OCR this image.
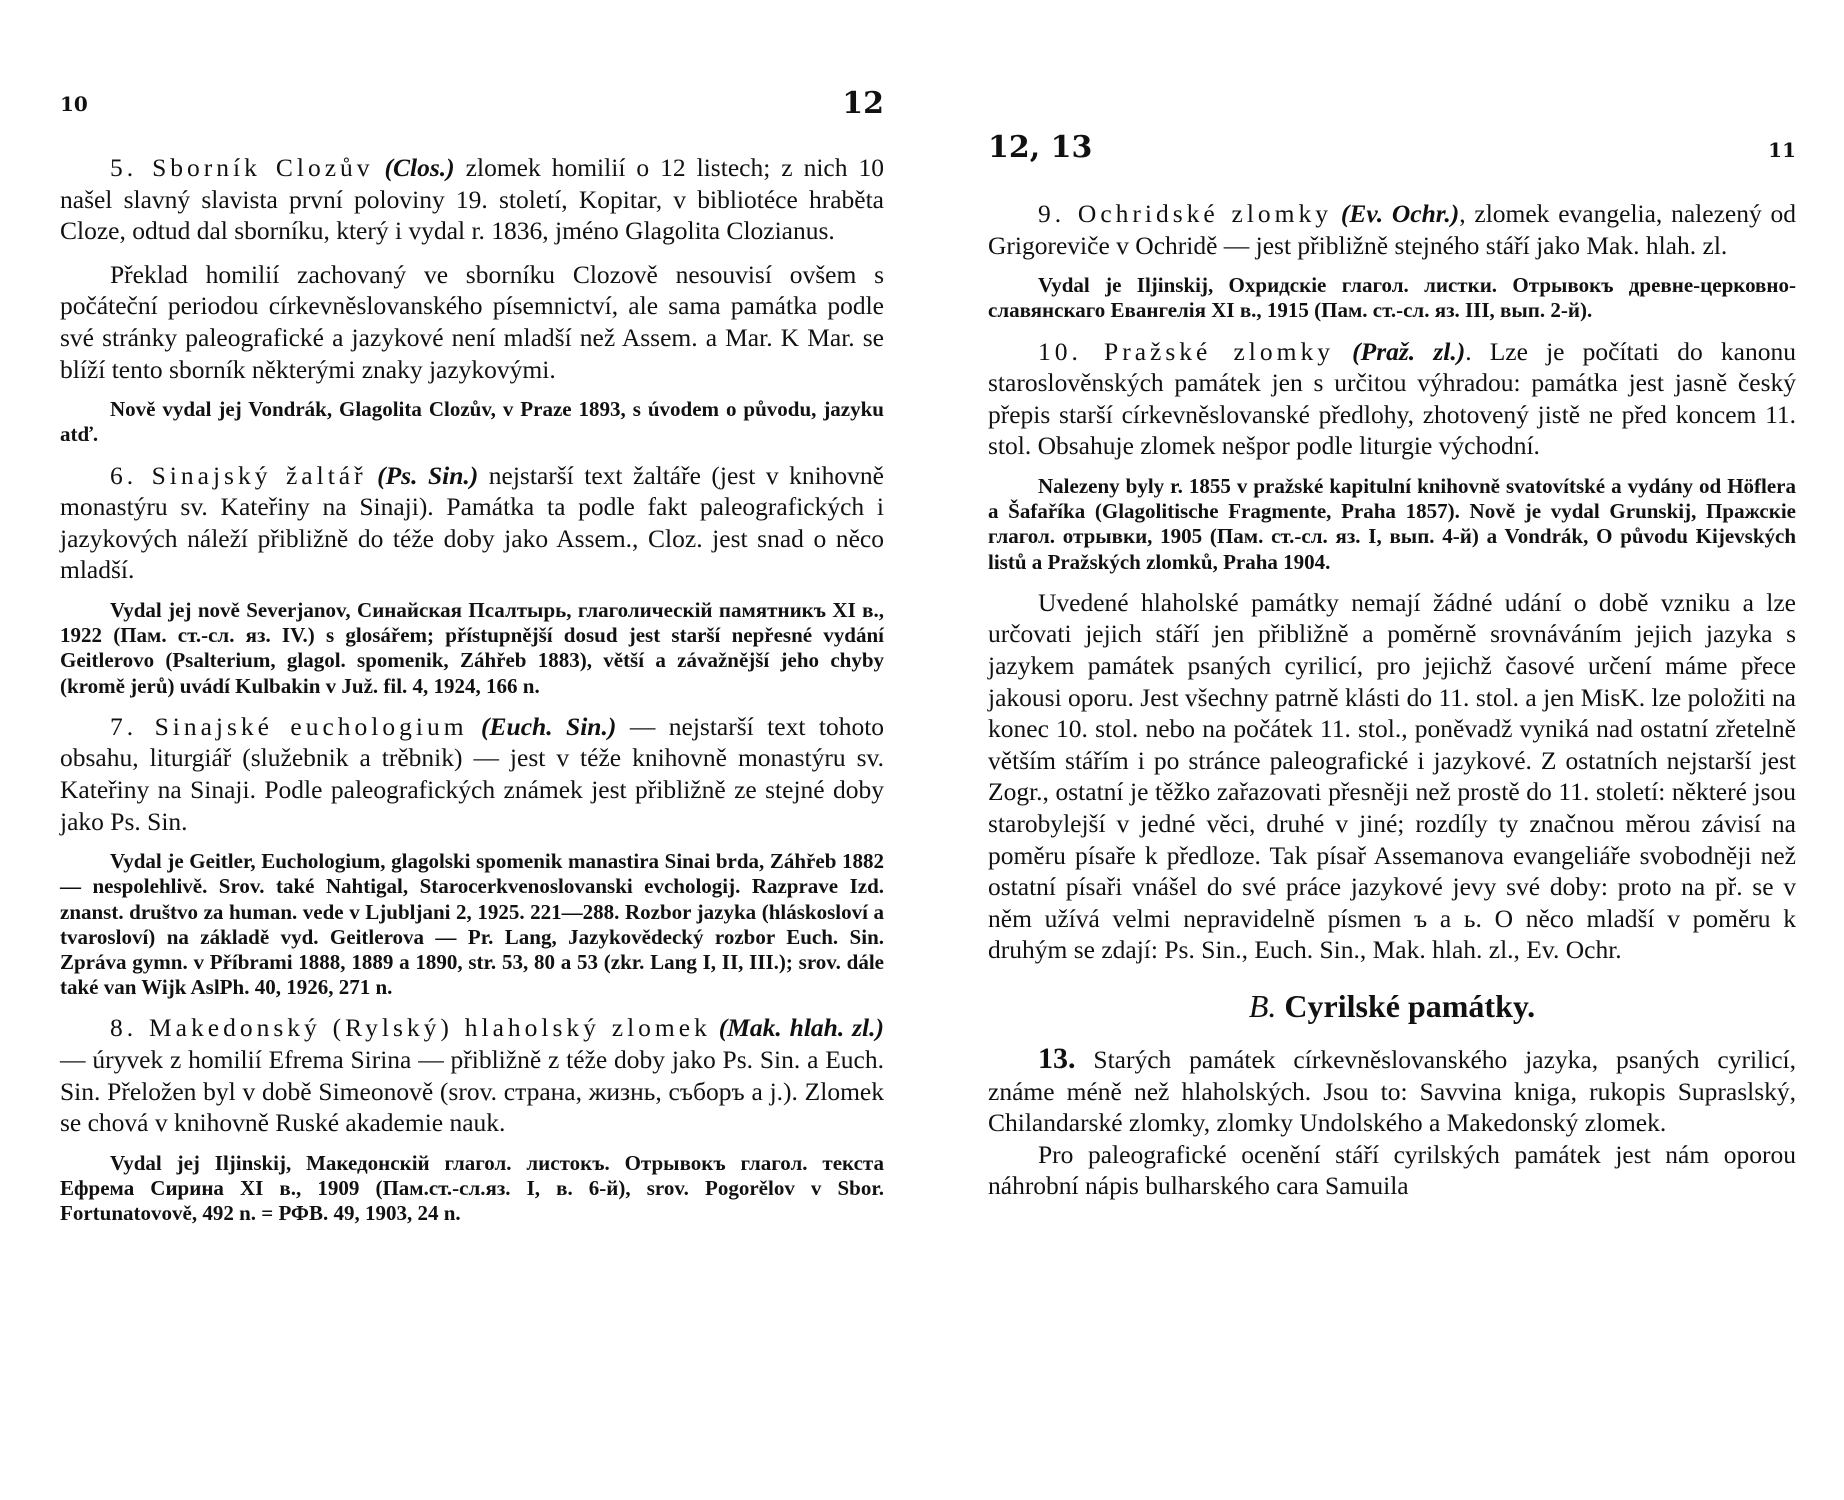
10	12

5. Sborník Clozův (Clos.) zlomek homilií o 12 listech; z nich 10 našel slavný slavista první poloviny 19. století, Kopitar, v bibliotéce hraběta Cloze, odtud dal sborníku, který i vydal r. 1836, jméno Glagolita Clozianus.

Překlad homilií zachovaný ve sborníku Clozově nesouvisí ovšem s počáteční periodou církevněslovanského písemnictví, ale sama památka podle své stránky paleografické a jazykové není mladší než Assem. a Mar. K Mar. se blíží tento sborník některými znaky jazykovými.

Nově vydal jej Vondrák, Glagolita Clozův, v Praze 1893, s úvodem o původu, jazyku atď.

6. Sinajský žaltář (Ps. Sin.) nejstarší text žaltáře (jest v knihovně monastýru sv. Kateřiny na Sinaji). Památka ta podle fakt paleografických i jazykových náleží přibližně do téže doby jako Assem., Cloz. jest snad o něco mladší.

Vydal jej nově Severjanov, Синайская Псалтырь, глаголическій памятникъ XI в., 1922 (Пам. ст.-сл. яз. IV.) s glosářem; přístupnější dosud jest starší nepřesné vydání Geitlerovo (Psalterium, glagol. spomenik, Záhřeb 1883), větší a závažnější jeho chyby (kromě jerů) uvádí Kulbakin v Juž. fil. 4, 1924, 166 n.

7. Sinajské euchologium (Euch. Sin.) — nejstarší text tohoto obsahu, liturgiář (služebnik a trěbnik) — jest v téže knihovně monastýru sv. Kateřiny na Sinaji. Podle paleografických známek jest přibližně ze stejné doby jako Ps. Sin.

Vydal je Geitler, Euchologium, glagolski spomenik manastira Sinai brda, Záhřeb 1882 — nespolehlivě. Srov. také Nahtigal, Starocerkvenoslovanski evchologij. Razprave Izd. znanst. društvo za human. vede v Ljubljani 2, 1925. 221—288. Rozbor jazyka (hláskosloví a tvarosloví) na základě vyd. Geitlerova — Pr. Lang, Jazykovědecký rozbor Euch. Sin. Zpráva gymn. v Příbrami 1888, 1889 a 1890, str. 53, 80 a 53 (zkr. Lang I, II, III.); srov. dále také van Wijk AslPh. 40, 1926, 271 n.

8. Makedonský (Rylský) hlaholský zlomek (Mak. hlah. zl.) — úryvek z homilií Efrema Sirina — přibližně z téže doby jako Ps. Sin. a Euch. Sin. Přeložen byl v době Simeonově (srov. страна, жизнь, съборъ a j.). Zlomek se chová v knihovně Ruské akademie nauk.

Vydal jej Iljinskij, Македонскій глагол. листокъ. Отрывокъ глагол. текста Ефрема Сирина XI в., 1909 (Пам.ст.-сл.яз. I, в. 6-й), srov. Pogorělov v Sbor. Fortunatovově, 492 n. = РФВ. 49, 1903, 24 n.

12, 13	11

9. Ochridské zlomky (Ev. Ochr.), zlomek evangelia, nalezený od Grigoreviče v Ochridě — jest přibližně stejného stáří jako Mak. hlah. zl.

Vydal je Iljinskij, Охридскіе глагол. листки. Отрывокъ древне-церковно-славянскаго Евангелія XI в., 1915 (Пам. ст.-сл. яз. III, вып. 2-й).

10. Pražské zlomky (Praž. zl.). Lze je počítati do kanonu staroslověnských památek jen s určitou výhradou: památka jest jasně český přepis starší církevněslovanské předlohy, zhotovený jistě ne před koncem 11. stol. Obsahuje zlomek nešpor podle liturgie východní.

Nalezeny byly r. 1855 v pražské kapitulní knihovně svatovítské a vydány od Höflera a Šafaříka (Glagolitische Fragmente, Praha 1857). Nově je vydal Grunskij, Пражскіе глагол. отрывки, 1905 (Пам. ст.-сл. яз. I, вып. 4-й) a Vondrák, O původu Kijevských listů a Pražských zlomků, Praha 1904.

Uvedené hlaholské památky nemají žádné udání o době vzniku a lze určovati jejich stáří jen přibližně a poměrně srovnáváním jejich jazyka s jazykem památek psaných cyrilicí, pro jejichž časové určení máme přece jakousi oporu. Jest všechny patrně klásti do 11. stol. a jen MisK. lze položiti na konec 10. stol. nebo na počátek 11. stol., poněvadž vyniká nad ostatní zřetelně větším stářím i po stránce paleografické i jazykové. Z ostatních nejstarší jest Zogr., ostatní je těžko zařazovati přesněji než prostě do 11. století: některé jsou starobylejší v jedné věci, druhé v jiné; rozdíly ty značnou měrou závisí na poměru písaře k předloze. Tak písař Assemanova evangeliáře svobodněji než ostatní písaři vnášel do své práce jazykové jevy své doby: proto na př. se v něm užívá velmi nepravidelně písmen ъ a ь. O něco mladší v poměru k druhým se zdají: Ps. Sin., Euch. Sin., Mak. hlah. zl., Ev. Ochr.

B. Cyrilské památky.

13. Starých památek církevněslovanského jazyka, psaných cyrilicí, známe méně než hlaholských. Jsou to: Savvina kniga, rukopis Supraslský, Chilandarské zlomky, zlomky Undolského a Makedonský zlomek.

Pro paleografické ocenění stáří cyrilských památek jest nám oporou náhrobní nápis bulharského cara Samuila
